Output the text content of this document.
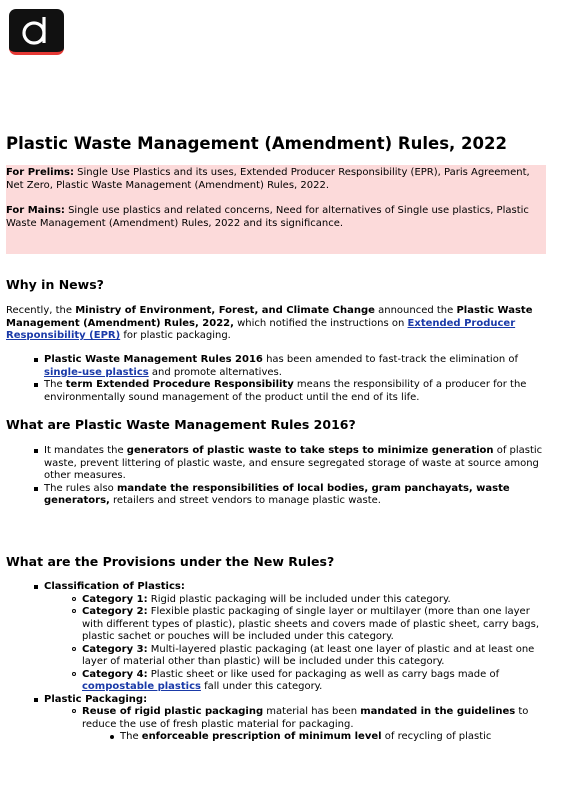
Plastic Waste Management (Amendment) Rules, 2022

For Prelims: Single Use Plastics and its uses, Extended Producer Responsibility (EPR), Paris Agreement, Net Zero, Plastic Waste Management (Amendment) Rules, 2022.

For Mains: Single use plastics and related concerns, Need for alternatives of Single use plastics, Plastic Waste Management (Amendment) Rules, 2022 and its significance.

Why in News?

Recently, the Ministry of Environment, Forest, and Climate Change announced the Plastic Waste Management (Amendment) Rules, 2022, which notified the instructions on Extended Producer Responsibility (EPR) for plastic packaging.

Plastic Waste Management Rules 2016 has been amended to fast-track the elimination of single-use plastics and promote alternatives.
The term Extended Procedure Responsibility means the responsibility of a producer for the environmentally sound management of the product until the end of its life.
What are Plastic Waste Management Rules 2016?
It mandates the generators of plastic waste to take steps to minimize generation of plastic waste, prevent littering of plastic waste, and ensure segregated storage of waste at source among other measures.
The rules also mandate the responsibilities of local bodies, gram panchayats, waste generators, retailers and street vendors to manage plastic waste.
What are the Provisions under the New Rules?
Classification of Plastics:
Category 1: Rigid plastic packaging will be included under this category.
Category 2: Flexible plastic packaging of single layer or multilayer (more than one layer with different types of plastic), plastic sheets and covers made of plastic sheet, carry bags, plastic sachet or pouches will be included under this category.
Category 3: Multi-layered plastic packaging (at least one layer of plastic and at least one layer of material other than plastic) will be included under this category.
Category 4: Plastic sheet or like used for packaging as well as carry bags made of compostable plastics fall under this category.
Plastic Packaging:
Reuse of rigid plastic packaging material has been mandated in the guidelines to reduce the use of fresh plastic material for packaging.
The enforceable prescription of minimum level of recycling of plastic
